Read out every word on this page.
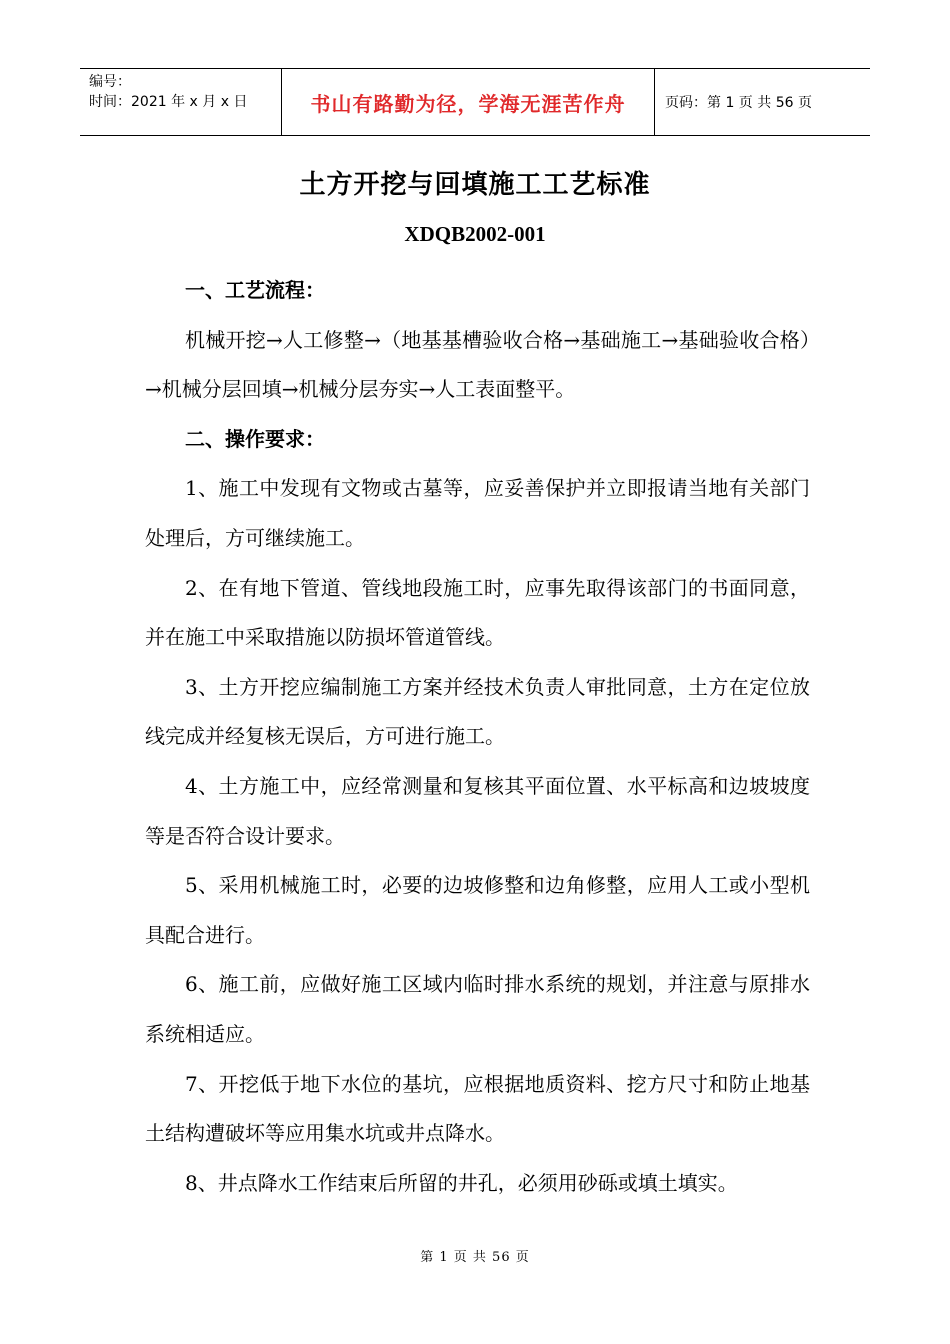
编号：
时间：2021 年 x 月 x 日	书山有路勤为径，学海无涯苦作舟	页码：第 1 页 共 56 页
土方开挖与回填施工工艺标准
XDQB2002-001
一、工艺流程：

机械开挖→人工修整→（地基基槽验收合格→基础施工→基础验收合格）→机械分层回填→机械分层夯实→人工表面整平。

二、操作要求：

1、施工中发现有文物或古墓等，应妥善保护并立即报请当地有关部门处理后，方可继续施工。

2、在有地下管道、管线地段施工时，应事先取得该部门的书面同意，并在施工中采取措施以防损坏管道管线。

3、土方开挖应编制施工方案并经技术负责人审批同意，土方在定位放线完成并经复核无误后，方可进行施工。

4、土方施工中，应经常测量和复核其平面位置、水平标高和边坡坡度等是否符合设计要求。

5、采用机械施工时，必要的边坡修整和边角修整，应用人工或小型机具配合进行。

6、施工前，应做好施工区域内临时排水系统的规划，并注意与原排水系统相适应。

7、开挖低于地下水位的基坑，应根据地质资料、挖方尺寸和防止地基土结构遭破坏等应用集水坑或井点降水。

8、井点降水工作结束后所留的井孔，必须用砂砾或填土填实。

第 1 页 共 56 页
